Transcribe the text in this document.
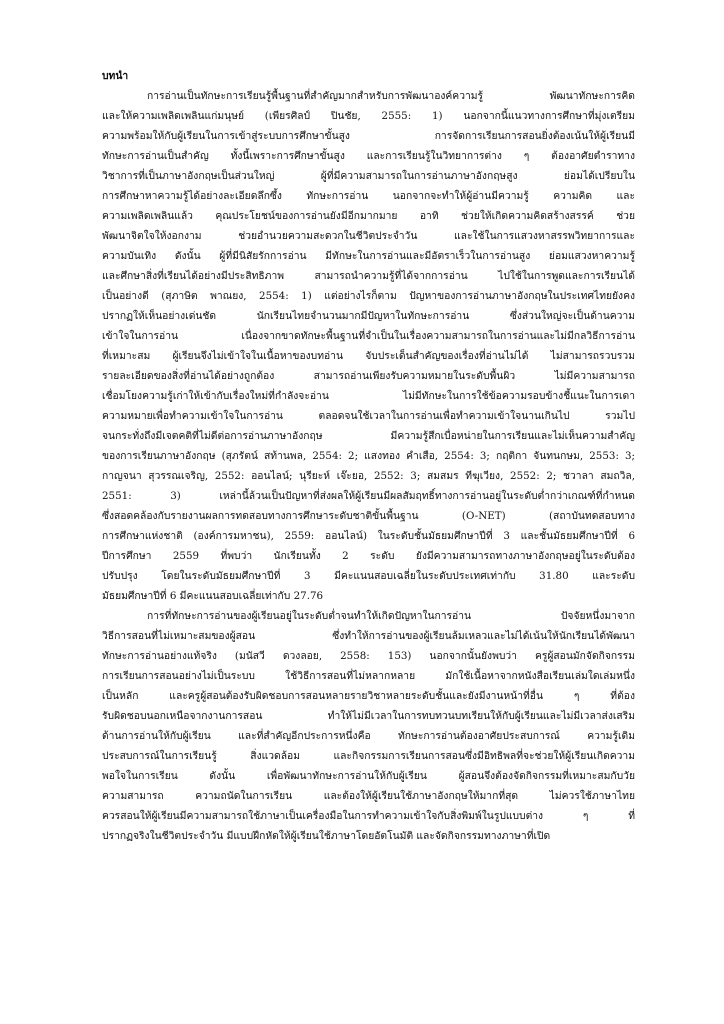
บทนำ
การอ่านเป็นทักษะการเรียนรู้พื้นฐานที่สำคัญมากสำหรับการพัฒนาองค์ความรู้ พัฒนาทักษะการคิด
และให้ความเพลิดเพลินแก่มนุษย์ (เพียรศิลป์ ปินชัย, 2555: 1) นอกจากนี้แนวทางการศึกษาที่มุ่งเตรียม
ความพร้อมให้กับผู้เรียนในการเข้าสู่ระบบการศึกษาขั้นสูง การจัดการเรียนการสอนยิ่งต้องเน้นให้ผู้เรียนมี
ทักษะการอ่านเป็นสำคัญ ทั้งนี้เพราะการศึกษาขั้นสูง และการเรียนรู้ในวิทยาการต่าง ๆ ต้องอาศัยตำราทาง
วิชาการที่เป็นภาษาอังกฤษเป็นส่วนใหญ่ ผู้ที่มีความสามารถในการอ่านภาษาอังกฤษสูง ย่อมได้เปรียบใน
การศึกษาหาความรู้ได้อย่างละเอียดลึกซึ้ง ทักษะการอ่าน นอกจากจะทำให้ผู้อ่านมีความรู้ ความคิด และ
ความเพลิดเพลินแล้ว คุณประโยชน์ของการอ่านยังมีอีกมากมาย อาทิ ช่วยให้เกิดความคิดสร้างสรรค์ ช่วย
พัฒนาจิตใจให้งอกงาม ช่วยอำนวยความสะดวกในชีวิตประจำวัน และใช้ในการแสวงหาสรรพวิทยาการและ
ความบันเทิง ดังนั้น ผู้ที่มีนิสัยรักการอ่าน มีทักษะในการอ่านและมีอัตราเร็วในการอ่านสูง ย่อมแสวงหาความรู้
และศึกษาสิ่งที่เรียนได้อย่างมีประสิทธิภาพ สามารถนำความรู้ที่ได้จากการอ่าน ไปใช้ในการพูดและการเรียนได้
เป็นอย่างดี (สุภาษิต พาณยง, 2554: 1) แต่อย่างไรก็ตาม ปัญหาของการอ่านภาษาอังกฤษในประเทศไทยยังคง
ปรากฏให้เห็นอย่างเด่นชัด นักเรียนไทยจำนวนมากมีปัญหาในทักษะการอ่าน ซึ่งส่วนใหญ่จะเป็นด้านความ
เข้าใจในการอ่าน เนื่องจากขาดทักษะพื้นฐานที่จำเป็นในเรื่องความสามารถในการอ่านและไม่มีกลวิธีการอ่าน
ที่เหมาะสม ผู้เรียนจึงไม่เข้าใจในเนื้อหาของบทอ่าน จับประเด็นสำคัญของเรื่องที่อ่านไม่ได้ ไม่สามารถรวบรวม
รายละเอียดของสิ่งที่อ่านได้อย่างถูกต้อง สามารถอ่านเพียงรับความหมายในระดับพื้นผิว ไม่มีความสามารถ
เชื่อมโยงความรู้เก่าให้เข้ากับเรื่องใหม่ที่กำลังจะอ่าน ไม่มีทักษะในการใช้ข้อความรอบข้างชี้แนะในการเดา
ความหมายเพื่อทำความเข้าใจในการอ่าน ตลอดจนใช้เวลาในการอ่านเพื่อทำความเข้าใจนานเกินไป รวมไป
จนกระทั่งถึงมีเจตคติที่ไม่ดีต่อการอ่านภาษาอังกฤษ มีความรู้สึกเบื่อหน่ายในการเรียนและไม่เห็นความสำคัญ
ของการเรียนภาษาอังกฤษ (สุภรัตน์ สท้านพล, 2554: 2; แสงทอง คำเสือ, 2554: 3; กฤติกา จันทนกษม, 2553: 3;
กาญจนา สุวรรณเจริญ, 2552: ออนไลน์; นุรียะห์ เจ๊ะยอ, 2552: 3; สมสมร ทีฆุเวียง, 2552: 2; ชวาลา สมถวิล,
2551: 3) เหล่านี้ล้วนเป็นปัญหาที่ส่งผลให้ผู้เรียนมีผลสัมฤทธิ์ทางการอ่านอยู่ในระดับต่ำกว่าเกณฑ์ที่กำหนด
ซึ่งสอดคล้องกับรายงานผลการทดสอบทางการศึกษาระดับชาติขั้นพื้นฐาน (O-NET) (สถาบันทดสอบทาง
การศึกษาแห่งชาติ (องค์การมหาชน), 2559: ออนไลน์) ในระดับชั้นมัธยมศึกษาปีที่ 3 และชั้นมัธยมศึกษาปีที่ 6
ปีการศึกษา 2559 ที่พบว่า นักเรียนทั้ง 2 ระดับ ยังมีความสามารถทางภาษาอังกฤษอยู่ในระดับต้อง
ปรับปรุง โดยในระดับมัธยมศึกษาปีที่ 3 มีคะแนนสอบเฉลี่ยในระดับประเทศเท่ากับ 31.80 และระดับ
มัธยมศึกษาปีที่ 6 มีคะแนนสอบเฉลี่ยเท่ากับ 27.76
การที่ทักษะการอ่านของผู้เรียนอยู่ในระดับต่ำจนทำให้เกิดปัญหาในการอ่าน ปัจจัยหนึ่งมาจาก
วิธีการสอนที่ไม่เหมาะสมของผู้สอน ซึ่งทำให้การอ่านของผู้เรียนล้มเหลวและไม่ได้เน้นให้นักเรียนได้พัฒนา
ทักษะการอ่านอย่างแท้จริง (มนัสวี ดวงลอย, 2558: 153) นอกจากนั้นยังพบว่า ครูผู้สอนมักจัดกิจกรรม
การเรียนการสอนอย่างไม่เป็นระบบ ใช้วิธีการสอนที่ไม่หลากหลาย มักใช้เนื้อหาจากหนังสือเรียนเล่มใดเล่มหนึ่ง
เป็นหลัก และครูผู้สอนต้องรับผิดชอบการสอนหลายรายวิชาหลายระดับชั้นและยังมีงานหน้าที่อื่น ๆ ที่ต้อง
รับผิดชอบนอกเหนือจากงานการสอน ทำให้ไม่มีเวลาในการทบทวนบทเรียนให้กับผู้เรียนและไม่มีเวลาส่งเสริม
ด้านการอ่านให้กับผู้เรียน และที่สำคัญอีกประการหนึ่งคือ ทักษะการอ่านต้องอาศัยประสบการณ์ ความรู้เดิม
ประสบการณ์ในการเรียนรู้ สิ่งแวดล้อม และกิจกรรมการเรียนการสอนซึ่งมีอิทธิพลที่จะช่วยให้ผู้เรียนเกิดความ
พอใจในการเรียน ดังนั้น เพื่อพัฒนาทักษะการอ่านให้กับผู้เรียน ผู้สอนจึงต้องจัดกิจกรรมที่เหมาะสมกับวัย
ความสามารถ ความถนัดในการเรียน และต้องให้ผู้เรียนใช้ภาษาอังกฤษให้มากที่สุด ไม่ควรใช้ภาษาไทย
ควรสอนให้ผู้เรียนมีความสามารถใช้ภาษาเป็นเครื่องมือในการทำความเข้าใจกับสิ่งพิมพ์ในรูปแบบต่าง ๆ ที่
ปรากฏจริงในชีวิตประจำวัน มีแบบฝึกหัดให้ผู้เรียนใช้ภาษาโดยอัตโนมัติ และจัดกิจกรรมทางภาษาที่เปิด
